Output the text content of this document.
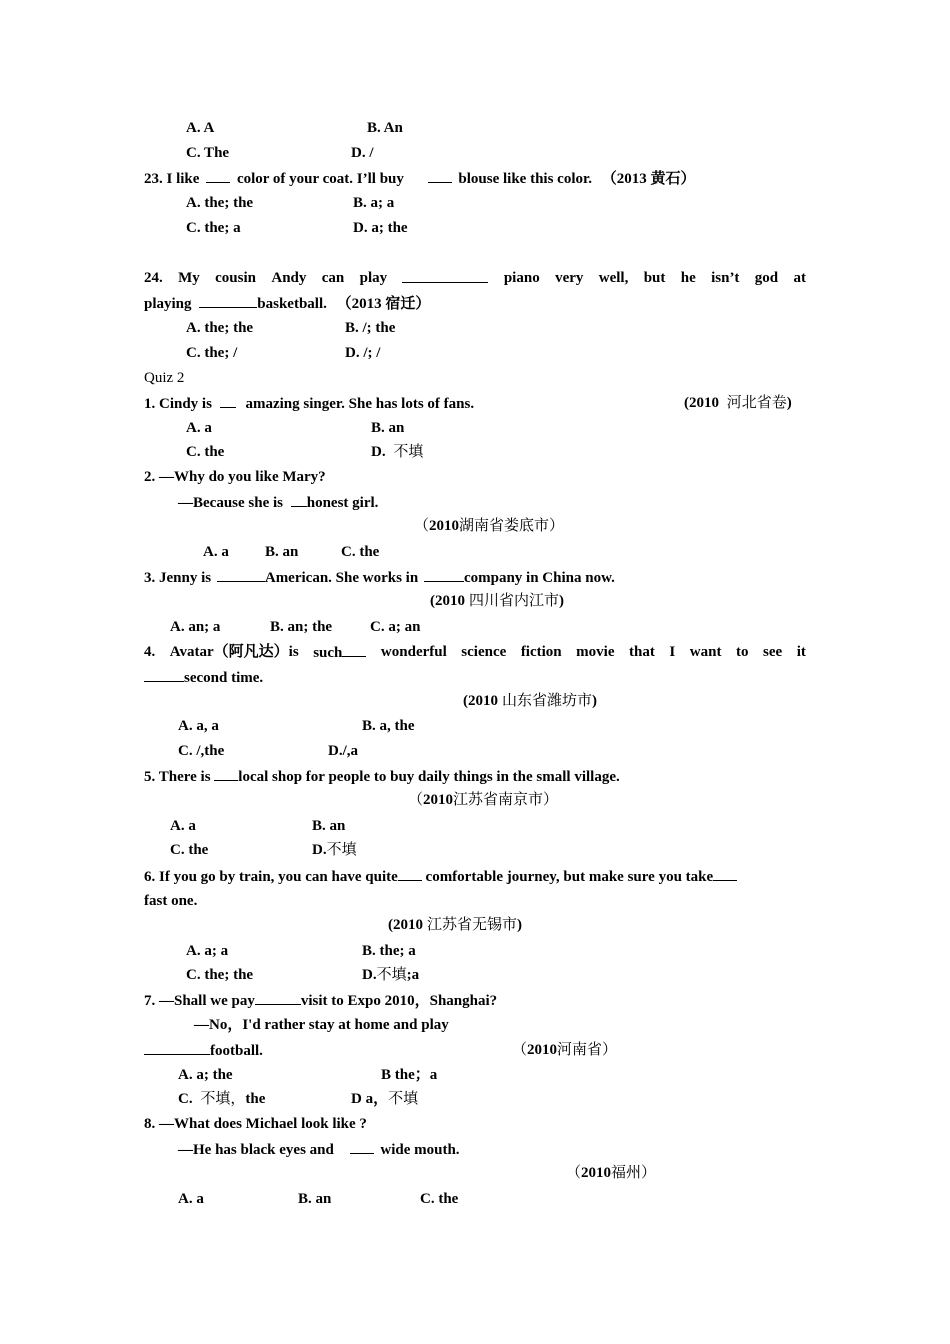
A. A	B. An
C. The	D. /
23. I like	color of your coat. I’ll buy	blouse like this color. （2013 黄石）
A. the; the	B. a; a
C. the; a	D. a; the
24. My cousin Andy can play	piano very well, but he isn’t god at
playing	basketball. （2013 宿迁）
A. the; the	B. /; the
C. the; /	D. /; /
Quiz 2
1. Cindy is amazing singer. She has lots of fans.	(2010 河北省卷)
A. a	B. an
C. the	D. 不填
2. —Why do you like Mary?
—Because she is honest girl.
（2010湖南省娄底市）
A. a B. an	C. the
3. Jenny is	American. She works in	company in China now.
(2010 四川省内江市)
A. an; a	B. an; the	C. a; an
4. Avatar（阿凡达）is such	wonderful science fiction movie that I want to see it
second time.
(2010 山东省潍坊市)
A. a, a	B. a, the
C. /,the	D./,a
5. There is local shop for people to buy daily things in the small village.
（2010江苏省南京市）
A. a	B. an
C. the	D.不填
6. If you go by train, you can have quite comfortable journey, but make sure you take
fast one.
(2010 江苏省无锡市)
A. a; a	B. the; a
C. the; the	D.不填;a
7. —Shall we pay	visit to Expo 2010，Shanghai?
—No，I'd rather stay at home and play
football.	（2010河南省）
A. a; the	B the；a
C. 不填，the	D a，不填
8. —What does Michael look like ?
—He has black eyes and	wide mouth.
（2010福州）
A. a	B. an	C. the
